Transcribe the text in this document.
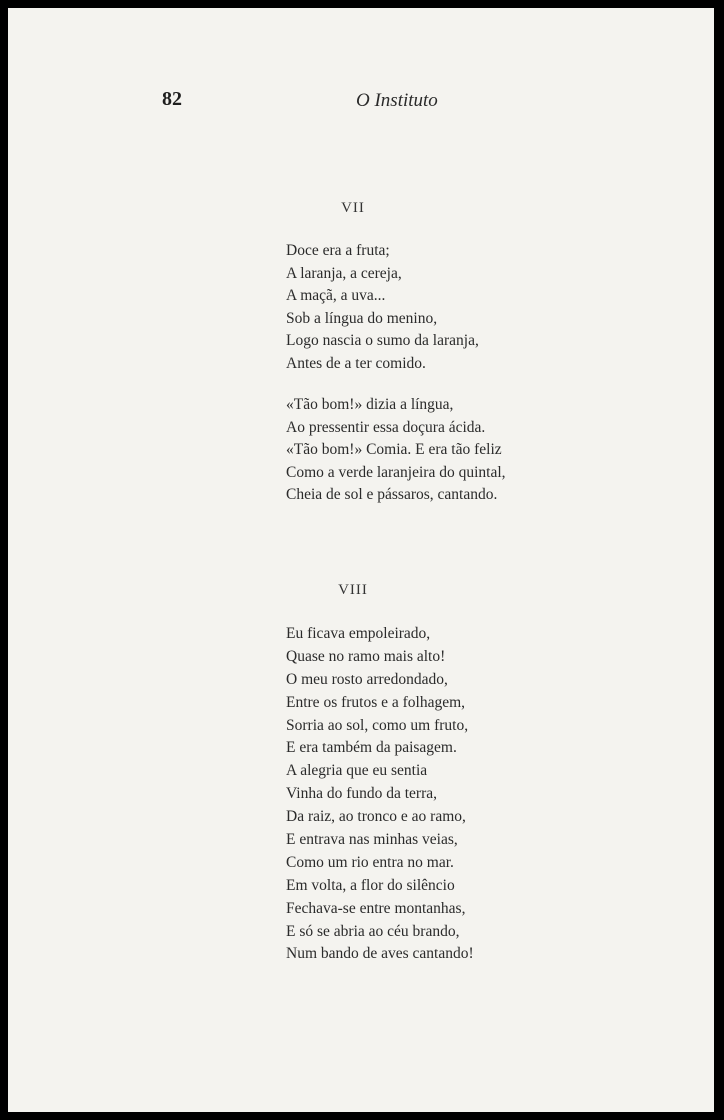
82	O Instituto
VII
Doce era a fruta;
A laranja, a cereja,
A maçã, a uva...
Sob a língua do menino,
Logo nascia o sumo da laranja,
Antes de a ter comido.
«Tão bom!» dizia a língua,
Ao pressentir essa doçura ácida.
«Tão bom!» Comia. E era tão feliz
Como a verde laranjeira do quintal,
Cheia de sol e pássaros, cantando.
VIII
Eu ficava empoleirado,
Quase no ramo mais alto!
O meu rosto arredondado,
Entre os frutos e a folhagem,
Sorria ao sol, como um fruto,
E era também da paisagem.
A alegria que eu sentia
Vinha do fundo da terra,
Da raiz, ao tronco e ao ramo,
E entrava nas minhas veias,
Como um rio entra no mar.
Em volta, a flor do silêncio
Fechava-se entre montanhas,
E só se abria ao céu brando,
Num bando de aves cantando!
